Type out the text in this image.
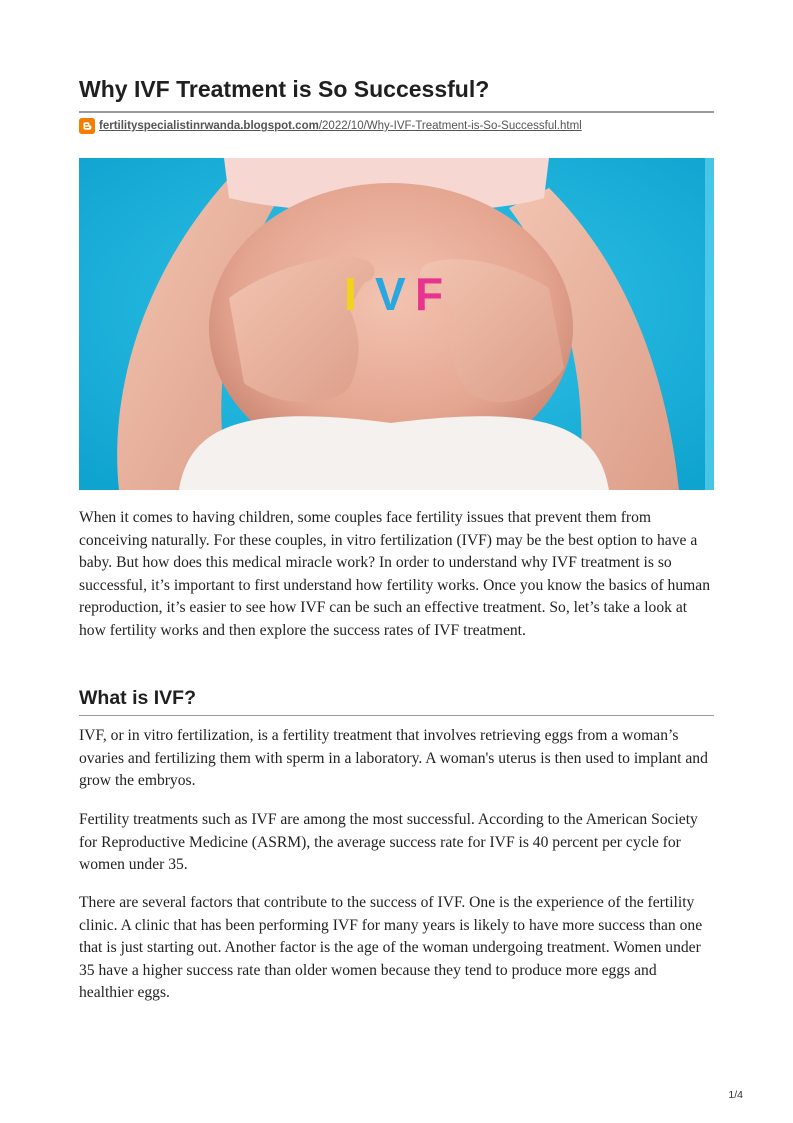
Why IVF Treatment is So Successful?
fertilityspecialistinrwanda.blogspot.com/2022/10/Why-IVF-Treatment-is-So-Successful.html
I V F

When it comes to having children, some couples face fertility issues that prevent them from conceiving naturally. For these couples, in vitro fertilization (IVF) may be the best option to have a baby. But how does this medical miracle work? In order to understand why IVF treatment is so successful, it’s important to first understand how fertility works. Once you know the basics of human reproduction, it’s easier to see how IVF can be such an effective treatment. So, let’s take a look at how fertility works and then explore the success rates of IVF treatment.

What is IVF?

IVF, or in vitro fertilization, is a fertility treatment that involves retrieving eggs from a woman’s ovaries and fertilizing them with sperm in a laboratory. A woman's uterus is then used to implant and grow the embryos.

Fertility treatments such as IVF are among the most successful. According to the American Society for Reproductive Medicine (ASRM), the average success rate for IVF is 40 percent per cycle for women under 35.

There are several factors that contribute to the success of IVF. One is the experience of the fertility clinic. A clinic that has been performing IVF for many years is likely to have more success than one that is just starting out. Another factor is the age of the woman undergoing treatment. Women under 35 have a higher success rate than older women because they tend to produce more eggs and healthier eggs.

1/4
